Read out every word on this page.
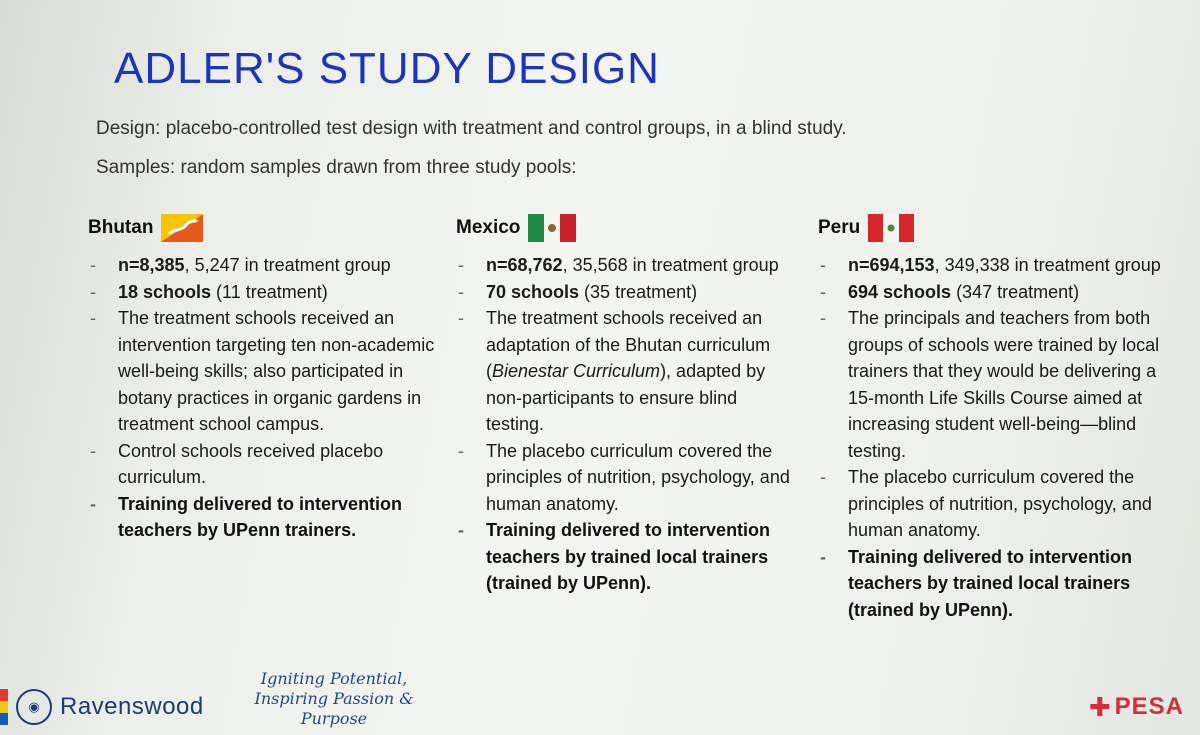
ADLER'S STUDY DESIGN

Design: placebo-controlled test design with treatment and control groups, in a blind study.

Samples: random samples drawn from three study pools:

Bhutan
- n=8,385, 5,247 in treatment group
- 18 schools (11 treatment)
- The treatment schools received an intervention targeting ten non-academic well-being skills; also participated in botany practices in organic gardens in treatment school campus.
- Control schools received placebo curriculum.
- Training delivered to intervention teachers by UPenn trainers.
Mexico
- n=68,762, 35,568 in treatment group
- 70 schools (35 treatment)
- The treatment schools received an adaptation of the Bhutan curriculum (Bienestar Curriculum), adapted by non-participants to ensure blind testing.
- The placebo curriculum covered the principles of nutrition, psychology, and human anatomy.
- Training delivered to intervention teachers by trained local trainers (trained by UPenn).
Peru
- n=694,153, 349,338 in treatment group
- 694 schools (347 treatment)
- The principals and teachers from both groups of schools were trained by local trainers that they would be delivering a 15-month Life Skills Course aimed at increasing student well-being—blind testing.
- The placebo curriculum covered the principles of nutrition, psychology, and human anatomy.
- Training delivered to intervention teachers by trained local trainers (trained by UPenn).
◉ Ravenswood
Igniting Potential,
Inspiring Passion & Purpose	✚ PESA
